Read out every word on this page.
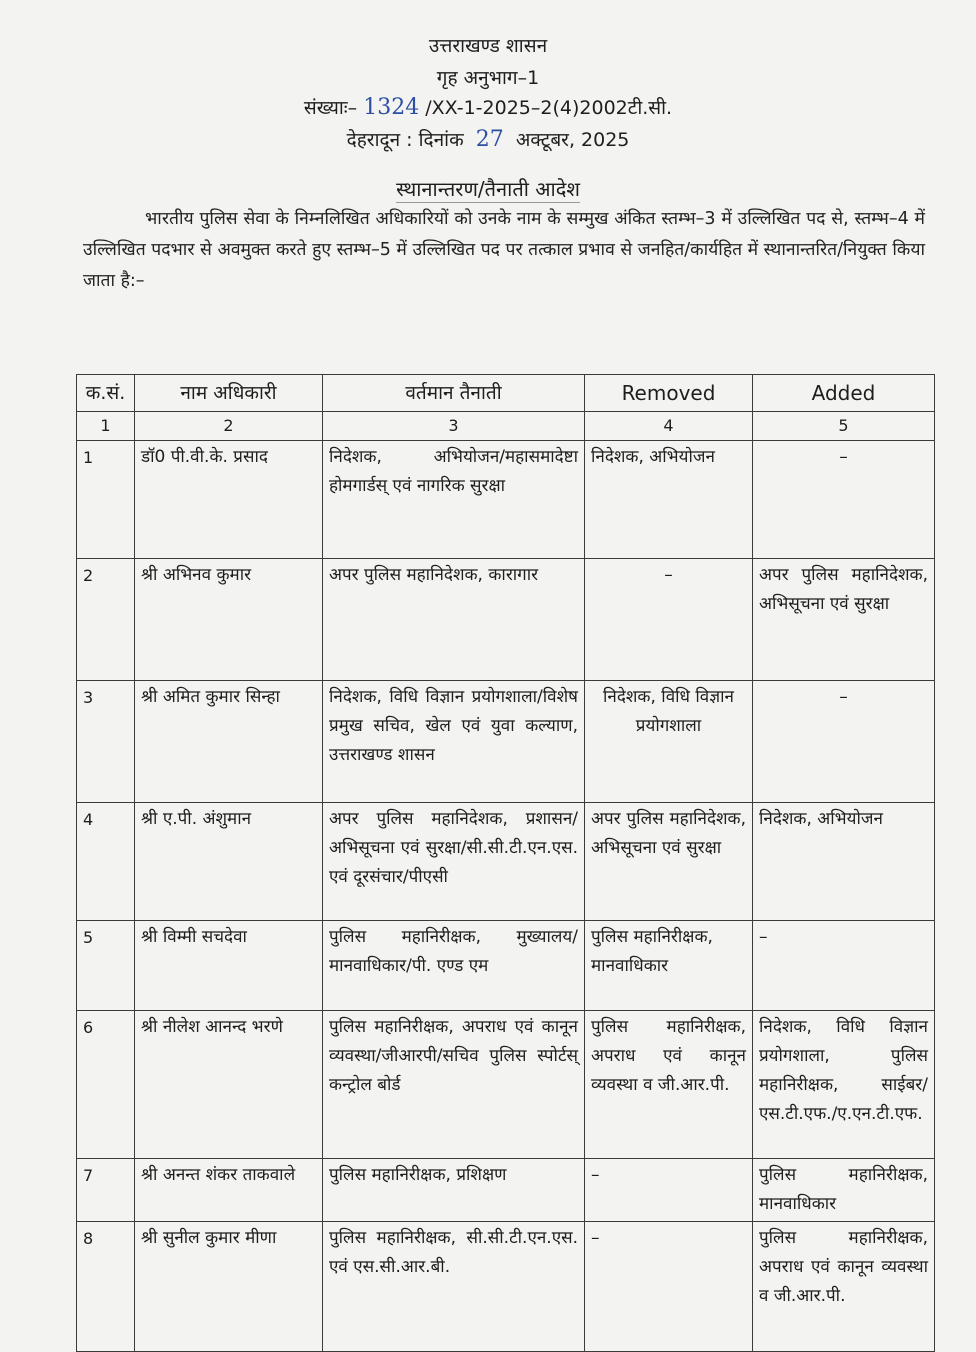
उत्तराखण्ड शासन
गृह अनुभाग–1
संख्याः– 1324 /XX-1-2025–2(4)2002टी.सी.
देहरादून : दिनांक 27 अक्टूबर, 2025
स्थानान्तरण/तैनाती आदेश
भारतीय पुलिस सेवा के निम्नलिखित अधिकारियों को उनके नाम के सम्मुख अंकित स्तम्भ–3 में उल्लिखित पद से, स्तम्भ–4 में उल्लिखित पदभार से अवमुक्त करते हुए स्तम्भ–5 में उल्लिखित पद पर तत्काल प्रभाव से जनहित/कार्यहित में स्थानान्तरित/नियुक्त किया जाता है:–
क.सं.	नाम अधिकारी	वर्तमान तैनाती	Removed	Added
1	2	3	4	5
1	डॉ0 पी.वी.के. प्रसाद	निदेशक, अभियोजन/महासमादेष्टा होमगार्डस् एवं नागरिक सुरक्षा	निदेशक, अभियोजन	–
2	श्री अभिनव कुमार	अपर पुलिस महानिदेशक, कारागार	–	अपर पुलिस महानिदेशक, अभिसूचना एवं सुरक्षा
3	श्री अमित कुमार सिन्हा	निदेशक, विधि विज्ञान प्रयोगशाला/विशेष प्रमुख सचिव, खेल एवं युवा कल्याण, उत्तराखण्ड शासन	निदेशक, विधि विज्ञान प्रयोगशाला	–
4	श्री ए.पी. अंशुमान	अपर पुलिस महानिदेशक, प्रशासन/अभिसूचना एवं सुरक्षा/सी.सी.टी.एन.एस. एवं दूरसंचार/पीएसी	अपर पुलिस महानिदेशक, अभिसूचना एवं सुरक्षा	निदेशक, अभियोजन
5	श्री विम्मी सचदेवा	पुलिस महानिरीक्षक, मुख्यालय/मानवाधिकार/पी. एण्ड एम	पुलिस महानिरीक्षक, मानवाधिकार	–
6	श्री नीलेश आनन्द भरणे	पुलिस महानिरीक्षक, अपराध एवं कानून व्यवस्था/जीआरपी/सचिव पुलिस स्पोर्टस् कन्ट्रोल बोर्ड	पुलिस महानिरीक्षक, अपराध एवं कानून व्यवस्था व जी.आर.पी.	निदेशक, विधि विज्ञान प्रयोगशाला, पुलिस महानिरीक्षक, साईबर/एस.टी.एफ./ए.एन.टी.एफ.
7	श्री अनन्त शंकर ताकवाले	पुलिस महानिरीक्षक, प्रशिक्षण	–	पुलिस महानिरीक्षक, मानवाधिकार
8	श्री सुनील कुमार मीणा	पुलिस महानिरीक्षक, सी.सी.टी.एन.एस. एवं एस.सी.आर.बी.	–	पुलिस महानिरीक्षक, अपराध एवं कानून व्यवस्था व जी.आर.पी.
